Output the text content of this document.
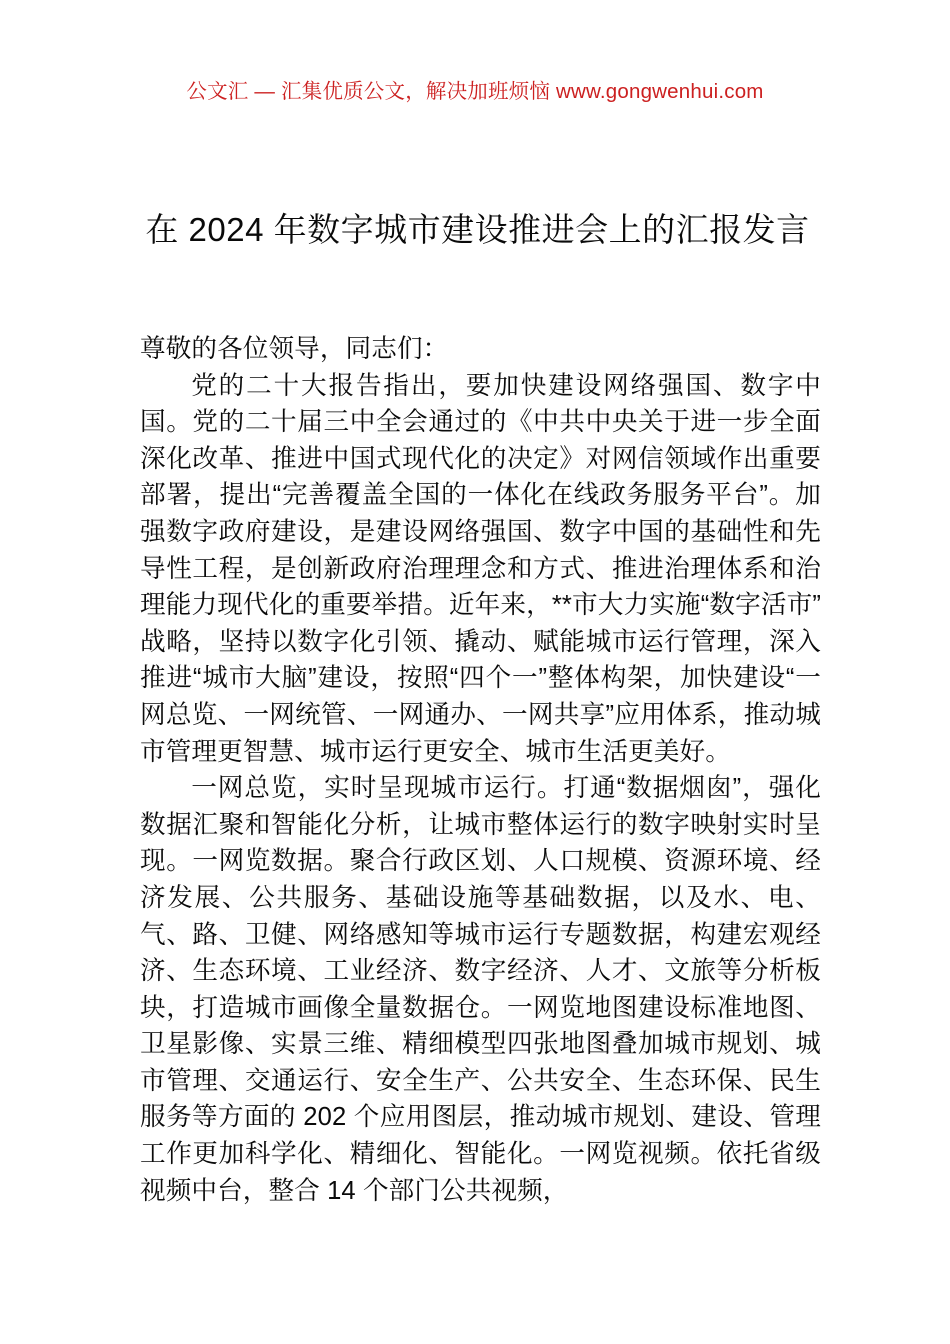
公文汇 — 汇集优质公文，解决加班烦恼 www.gongwenhui.com
在 2024 年数字城市建设推进会上的汇报发言

尊敬的各位领导，同志们：

党的二十大报告指出，要加快建设网络强国、数字中国。党的二十届三中全会通过的《中共中央关于进一步全面深化改革、推进中国式现代化的决定》对网信领域作出重要部署，提出“完善覆盖全国的一体化在线政务服务平台”。加强数字政府建设，是建设网络强国、数字中国的基础性和先导性工程，是创新政府治理理念和方式、推进治理体系和治理能力现代化的重要举措。近年来，**市大力实施“数字活市”战略，坚持以数字化引领、撬动、赋能城市运行管理，深入推进“城市大脑”建设，按照“四个一”整体构架，加快建设“一网总览、一网统管、一网通办、一网共享”应用体系，推动城市管理更智慧、城市运行更安全、城市生活更美好。

一网总览，实时呈现城市运行。打通“数据烟囱”，强化数据汇聚和智能化分析，让城市整体运行的数字映射实时呈现。一网览数据。聚合行政区划、人口规模、资源环境、经济发展、公共服务、基础设施等基础数据，以及水、电、气、路、卫健、网络感知等城市运行专题数据，构建宏观经济、生态环境、工业经济、数字经济、人才、文旅等分析板块，打造城市画像全量数据仓。一网览地图建设标准地图、卫星影像、实景三维、精细模型四张地图叠加城市规划、城市管理、交通运行、安全生产、公共安全、生态环保、民生服务等方面的 202 个应用图层，推动城市规划、建设、管理工作更加科学化、精细化、智能化。一网览视频。依托省级视频中台，整合 14 个部门公共视频，
